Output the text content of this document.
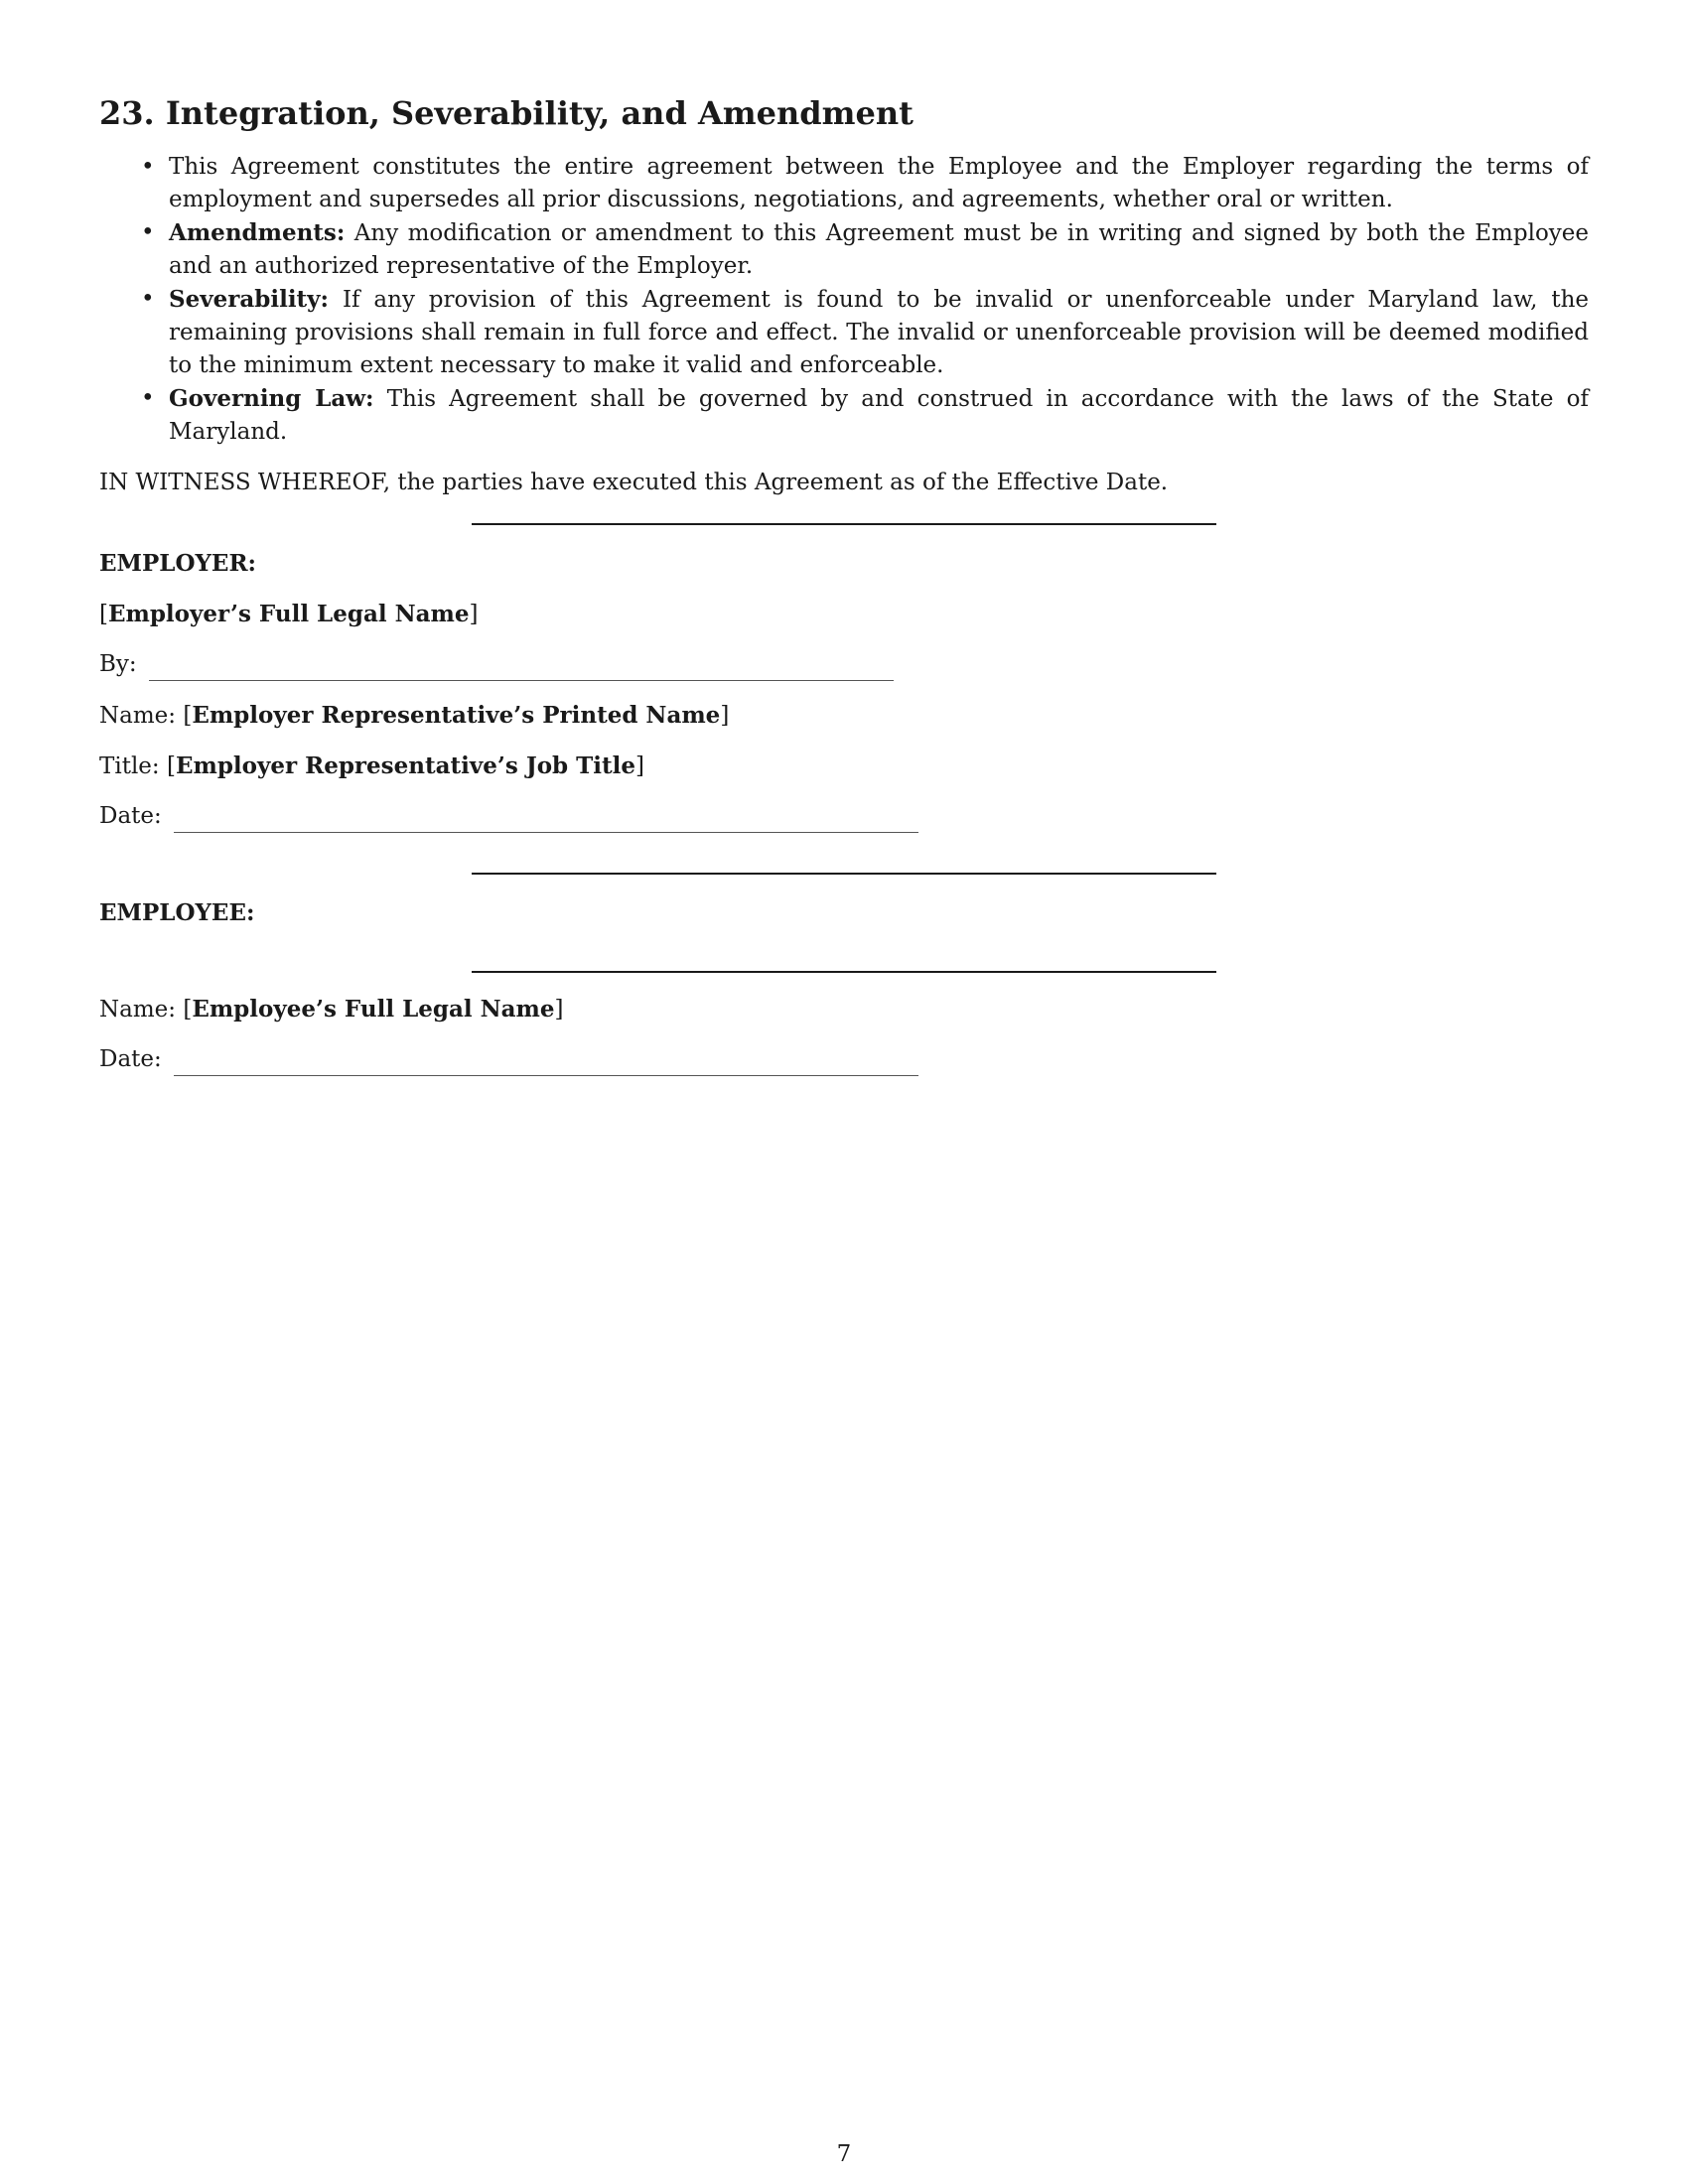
23. Integration, Severability, and Amendment
• This Agreement constitutes the entire agreement between the Employee and the Employer regarding the terms of employment and supersedes all prior discussions, negotiations, and agreements, whether oral or written.
• Amendments: Any modification or amendment to this Agreement must be in writing and signed by both the Employee and an authorized representative of the Employer.
• Severability: If any provision of this Agreement is found to be invalid or unenforceable under Maryland law, the remaining provisions shall remain in full force and effect. The invalid or unenforceable provision will be deemed modified to the minimum extent necessary to make it valid and enforceable.
• Governing Law: This Agreement shall be governed by and construed in accordance with the laws of the State of Maryland.

IN WITNESS WHEREOF, the parties have executed this Agreement as of the Effective Date.

EMPLOYER:
[Employer’s Full Legal Name]
By:
Name: [Employer Representative’s Printed Name]
Title: [Employer Representative’s Job Title]
Date:
EMPLOYEE:
Name: [Employee’s Full Legal Name]
Date:
7
